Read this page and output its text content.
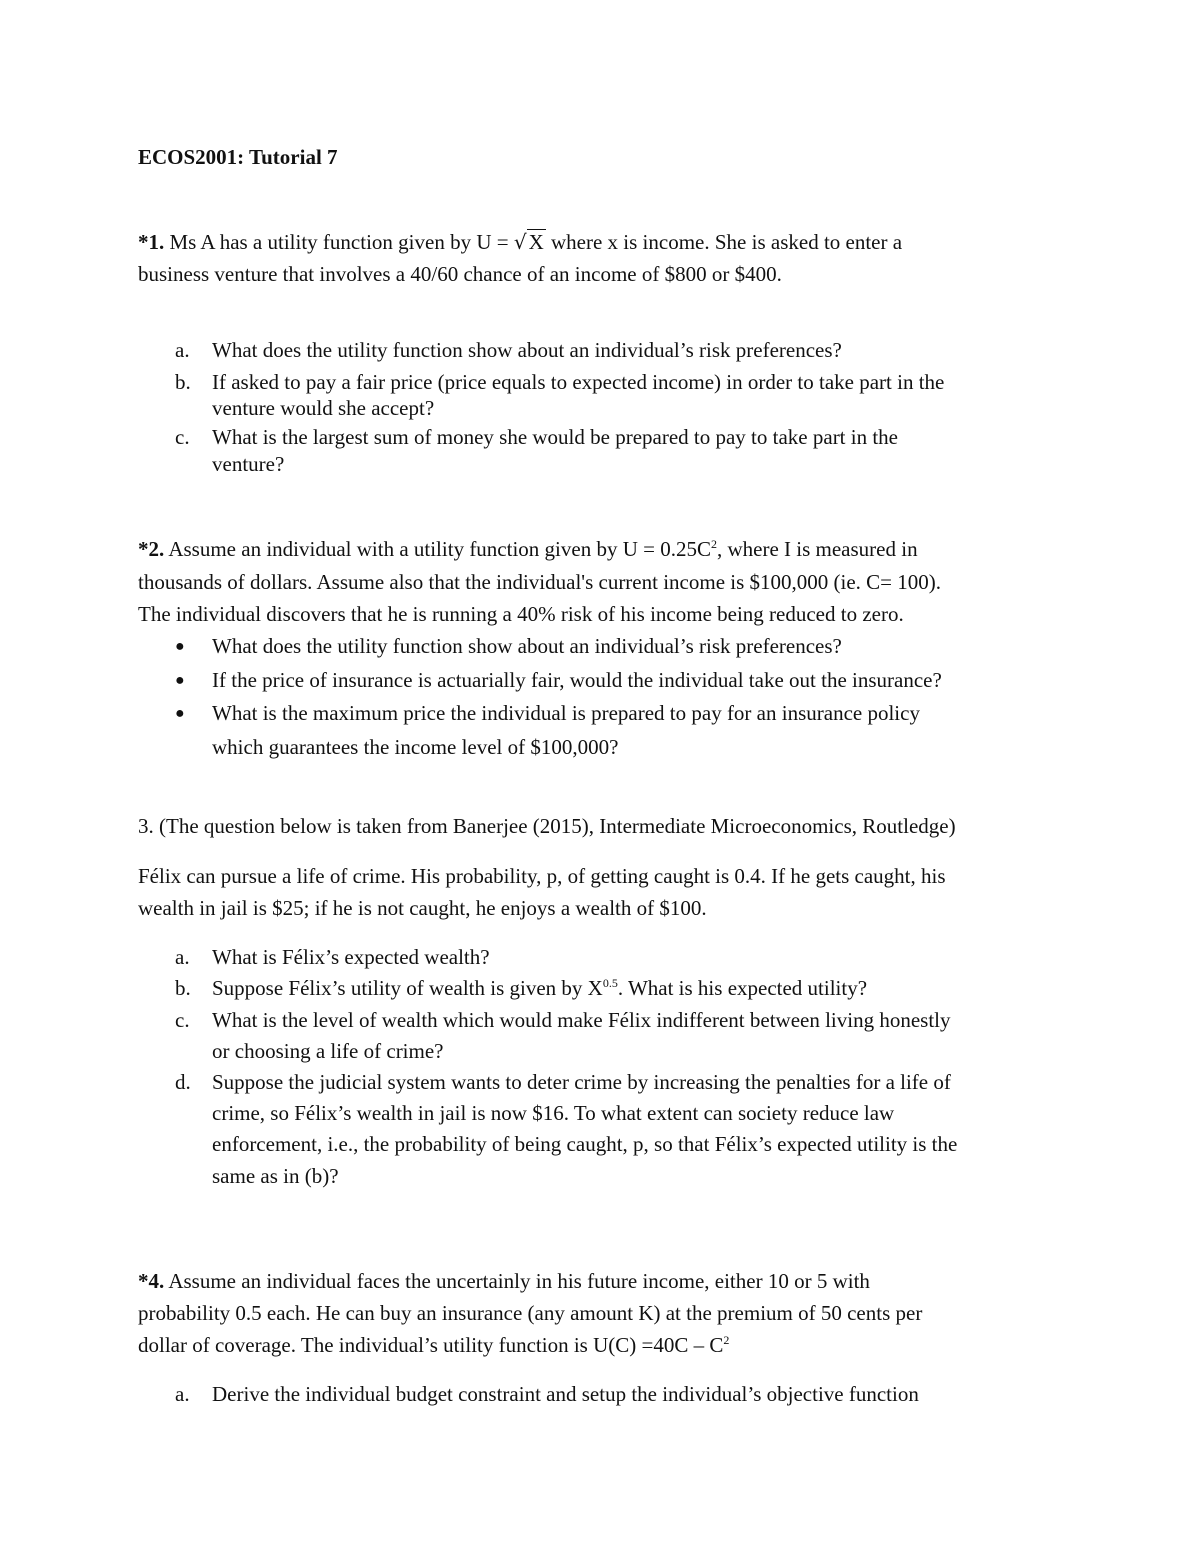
ECOS2001: Tutorial 7
*1. Ms A has a utility function given by U = √X where x is income. She is asked to enter a
business venture that involves a 40/60 chance of an income of $800 or $400.
a. What does the utility function show about an individual’s risk preferences?
b. If asked to pay a fair price (price equals to expected income) in order to take part in the
venture would she accept?
c. What is the largest sum of money she would be prepared to pay to take part in the
venture?
*2. Assume an individual with a utility function given by $U = 0.25C^2$, where I is measured in
thousands of dollars. Assume also that the individual's current income is $100,000 (ie. C= 100).
The individual discovers that he is running a 40% risk of his income being reduced to zero.
● What does the utility function show about an individual’s risk preferences?
● If the price of insurance is actuarially fair, would the individual take out the insurance?
● What is the maximum price the individual is prepared to pay for an insurance policy
which guarantees the income level of $100,000?
3. (The question below is taken from Banerjee (2015), Intermediate Microeconomics, Routledge)
Félix can pursue a life of crime. His probability, p, of getting caught is 0.4. If he gets caught, his
wealth in jail is $25; if he is not caught, he enjoys a wealth of $100.
a. What is Félix’s expected wealth?
b. Suppose Félix’s utility of wealth is given by $X^{0.5}$. What is his expected utility?
c. What is the level of wealth which would make Félix indifferent between living honestly
or choosing a life of crime?
d. Suppose the judicial system wants to deter crime by increasing the penalties for a life of
crime, so Félix’s wealth in jail is now $16. To what extent can society reduce law
enforcement, i.e., the probability of being caught, p, so that Félix’s expected utility is the
same as in (b)?
*4. Assume an individual faces the uncertainly in his future income, either 10 or 5 with
probability 0.5 each. He can buy an insurance (any amount K) at the premium of 50 cents per
dollar of coverage. The individual’s utility function is $U(C) =40C - C^2$
a. Derive the individual budget constraint and setup the individual’s objective function
